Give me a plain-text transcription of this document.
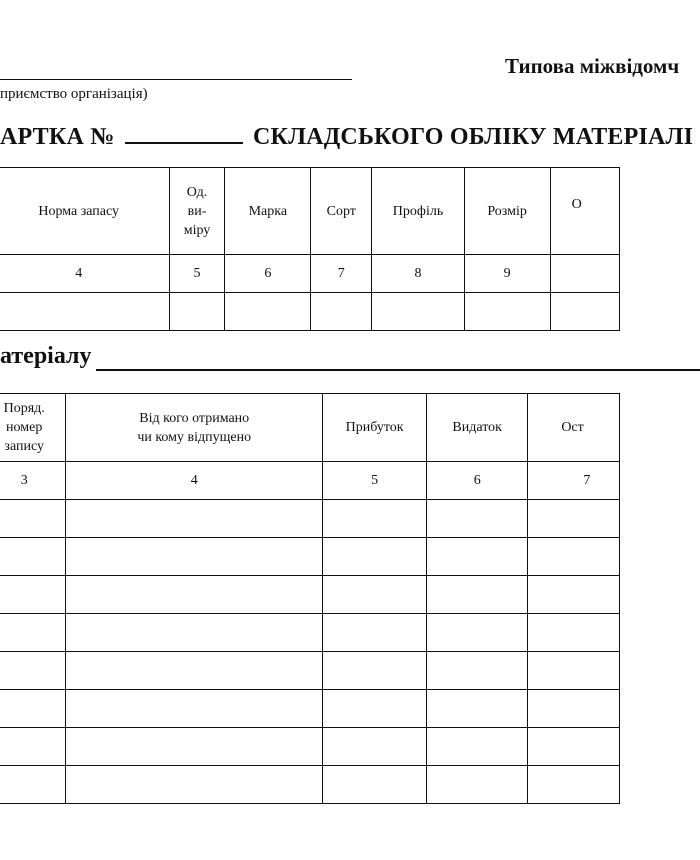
Типова міжвідомч
приємство організація)
АРТКА №	СКЛАДСЬКОГО ОБЛІКУ МАТЕРІАЛІ
	Норма запасу	Од.
ви-
міру	Марка	Сорт	Профіль	Розмір	О
	4	5	6	7	8	9	

атеріалу
	Поряд.
номер
запису	Від кого отримано
чи кому відпущено	Прибуток	Видаток	Ост
	3	4	5	6	7
